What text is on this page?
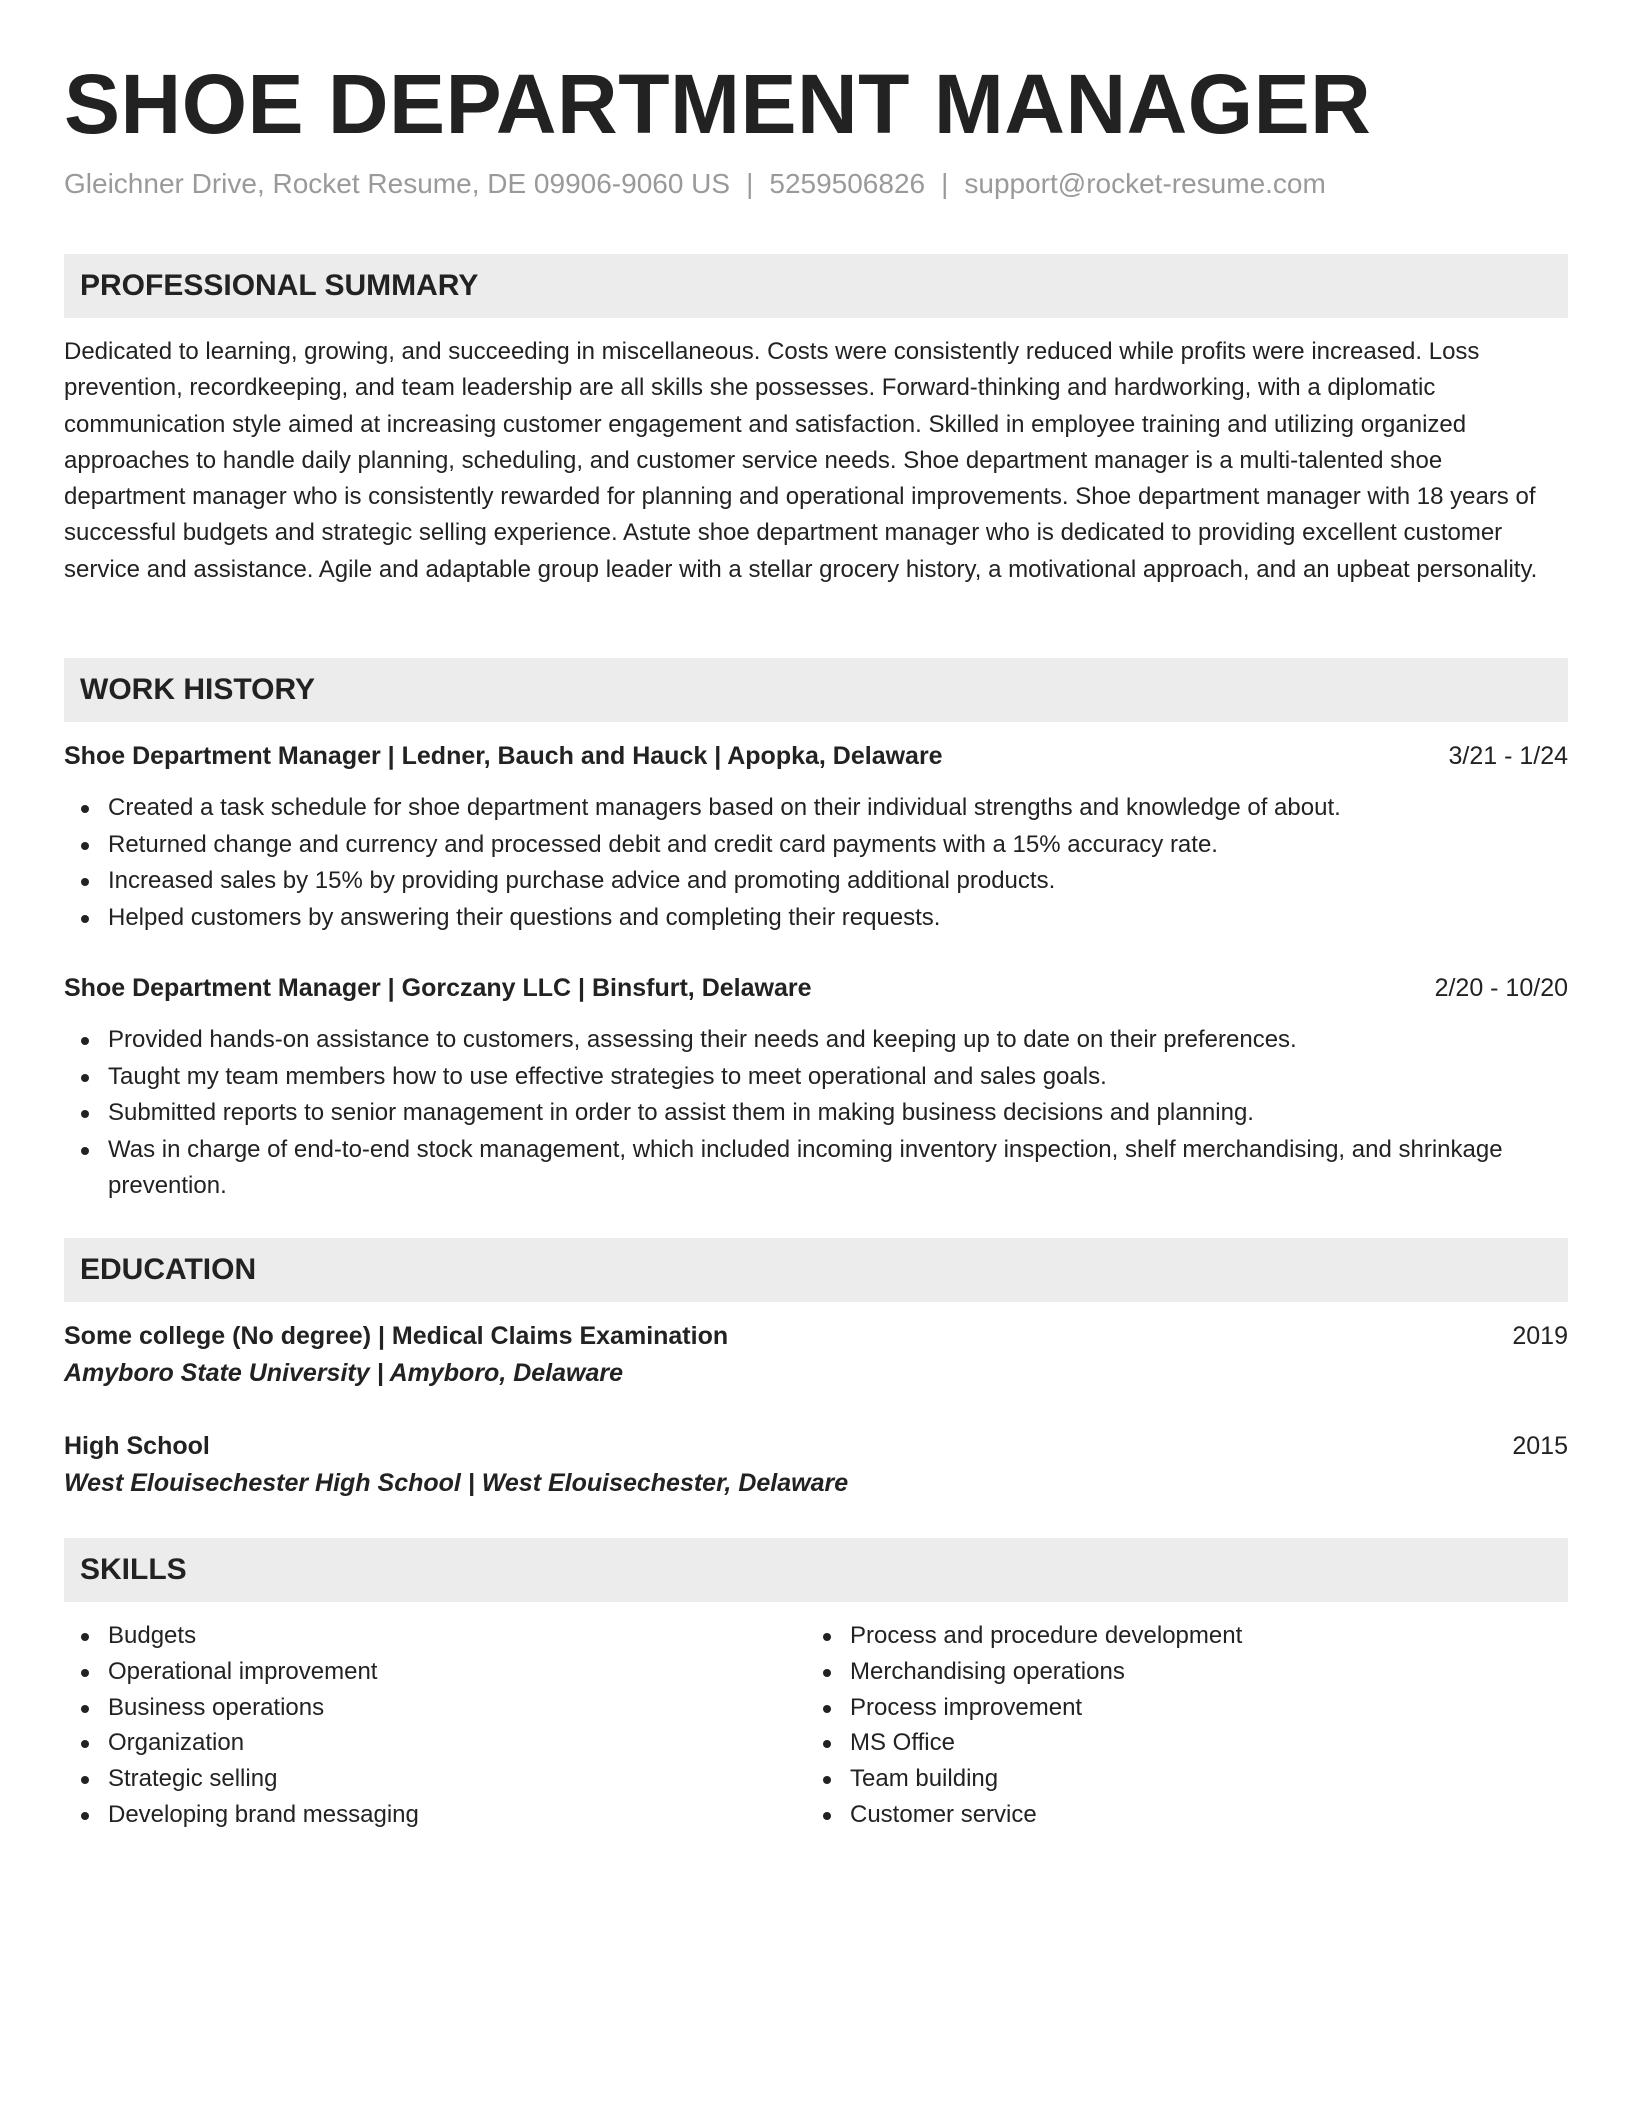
SHOE DEPARTMENT MANAGER
Gleichner Drive, Rocket Resume, DE 09906-9060 US | 5259506826 | support@rocket-resume.com
PROFESSIONAL SUMMARY
Dedicated to learning, growing, and succeeding in miscellaneous. Costs were consistently reduced while profits were increased. Loss prevention, recordkeeping, and team leadership are all skills she possesses. Forward-thinking and hardworking, with a diplomatic communication style aimed at increasing customer engagement and satisfaction. Skilled in employee training and utilizing organized approaches to handle daily planning, scheduling, and customer service needs. Shoe department manager is a multi-talented shoe department manager who is consistently rewarded for planning and operational improvements. Shoe department manager with 18 years of successful budgets and strategic selling experience. Astute shoe department manager who is dedicated to providing excellent customer service and assistance. Agile and adaptable group leader with a stellar grocery history, a motivational approach, and an upbeat personality.
WORK HISTORY
Shoe Department Manager | Ledner, Bauch and Hauck | Apopka, Delaware	3/21 - 1/24
Created a task schedule for shoe department managers based on their individual strengths and knowledge of about.
Returned change and currency and processed debit and credit card payments with a 15% accuracy rate.
Increased sales by 15% by providing purchase advice and promoting additional products.
Helped customers by answering their questions and completing their requests.
Shoe Department Manager | Gorczany LLC | Binsfurt, Delaware	2/20 - 10/20
Provided hands-on assistance to customers, assessing their needs and keeping up to date on their preferences.
Taught my team members how to use effective strategies to meet operational and sales goals.
Submitted reports to senior management in order to assist them in making business decisions and planning.
Was in charge of end-to-end stock management, which included incoming inventory inspection, shelf merchandising, and shrinkage prevention.
EDUCATION
Some college (No degree) | Medical Claims Examination	2019
Amyboro State University | Amyboro, Delaware
High School	2015
West Elouisechester High School | West Elouisechester, Delaware
SKILLS
Budgets
Operational improvement
Business operations
Organization
Strategic selling
Developing brand messaging
Process and procedure development
Merchandising operations
Process improvement
MS Office
Team building
Customer service
